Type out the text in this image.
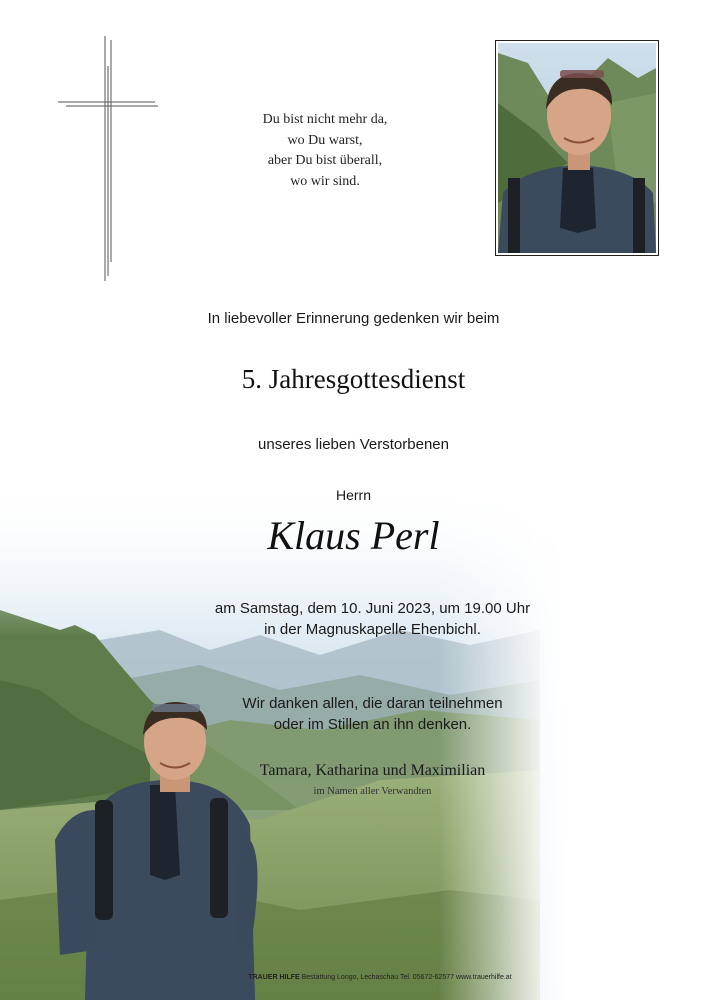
Du bist nicht mehr da,
wo Du warst,
aber Du bist überall,
wo wir sind.
In liebevoller Erinnerung gedenken wir beim
5. Jahresgottesdienst
unseres lieben Verstorbenen
Herrn
Klaus Perl
am Samstag, dem 10. Juni 2023, um 19.00 Uhr
in der Magnuskapelle Ehenbichl.
Wir danken allen, die daran teilnehmen
oder im Stillen an ihn denken.
Tamara, Katharina und Maximilian
im Namen aller Verwandten
TRAUER HILFE Bestattung Longo, Lechaschau Tel. 05672-62577 www.trauerhilfe.at
